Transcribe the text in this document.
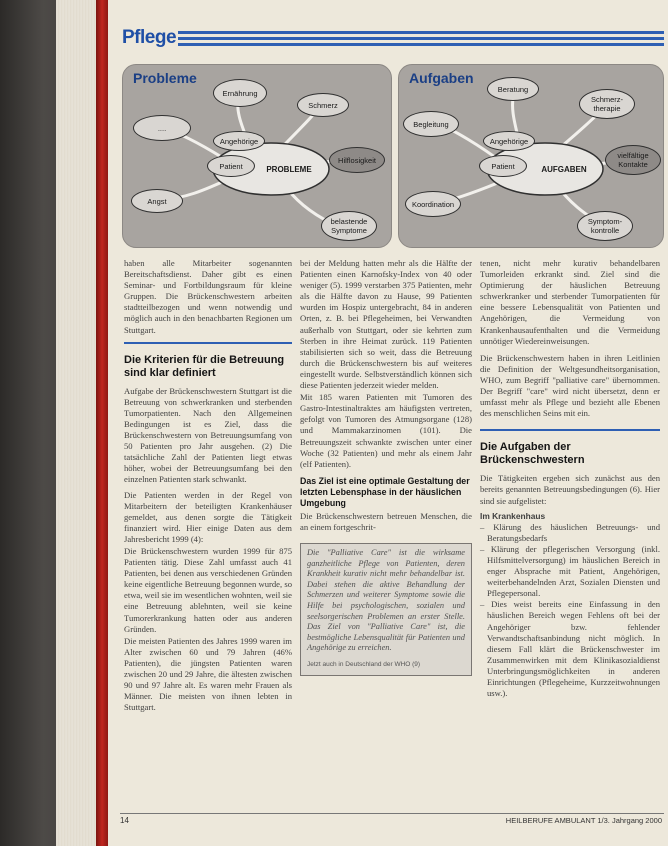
Pflege
Probleme
Ernährung
Schmerz
....
Angehörige
Patient	PROBLEME
Hilflosigkeit
Angst
belastende Symptome
Aufgaben
Beratung
Schmerz-therapie
Begleitung
Angehörige
Patient	AUFGABEN
vielfältige Kontakte
Koordination
Symptom-kontrolle

haben alle Mitarbeiter sogenannten Bereitschaftsdienst. Daher gibt es einen Seminar- und Fortbildungsraum für kleine Gruppen. Die Brückenschwestern arbeiten stadtteilbezogen und wenn notwendig und möglich auch in den benachbarten Regionen um Stuttgart.

Die Kriterien für die Betreuung sind klar definiert

Aufgabe der Brückenschwestern Stuttgart ist die Betreuung von schwerkranken und sterbenden Tumorpatienten. Nach den Allgemeinen Bedingungen ist es Ziel, dass die Brückenschwestern von Betreuungsumfang von 50 Patienten pro Jahr ausgehen. (2) Die tatsächliche Zahl der Patienten liegt etwas höher, wobei der Betreuungsumfang bei den einzelnen Patienten stark schwankt.

Die Patienten werden in der Regel von Mitarbeitern der beteiligten Krankenhäuser gemeldet, aus denen sorgte die Tätigkeit finanziert wird. Hier einige Daten aus dem Jahresbericht 1999 (4):

Die Brückenschwestern wurden 1999 für 875 Patienten tätig. Diese Zahl umfasst auch 41 Patienten, bei denen aus verschiedenen Gründen keine eigentliche Betreuung begonnen wurde, so etwa, weil sie im wesentlichen wohnten, weil sie eine Betreuung ablehnten, weil sie keine Tumorerkrankung hatten oder aus anderen Gründen.

Die meisten Patienten des Jahres 1999 waren im Alter zwischen 60 und 79 Jahren (46% Patienten), die jüngsten Patienten waren zwischen 20 und 29 Jahre, die ältesten zwischen 90 und 97 Jahre alt. Es waren mehr Frauen als Männer. Die meisten von ihnen lebten in Stuttgart.

bei der Meldung hatten mehr als die Hälfte der Patienten einen Karnofsky-Index von 40 oder weniger (5). 1999 verstarben 375 Patienten, mehr als die Hälfte davon zu Hause, 99 Patienten wurden im Hospiz untergebracht, 84 in anderen Orten, z. B. bei Pflegeheimen, bei Verwandten außerhalb von Stuttgart, oder sie kehrten zum Sterben in ihre Heimat zurück. 119 Patienten stabilisierten sich so weit, dass die Betreuung durch die Brückenschwestern bis auf weiteres eingestellt wurde. Selbstverständlich können sich diese Patienten jederzeit wieder melden.

Mit 185 waren Patienten mit Tumoren des Gastro-Intestinaltraktes am häufigsten vertreten, gefolgt von Tumoren des Atmungsorgane (128) und Mammakarzinomen (101). Die Betreuungszeit schwankte zwischen unter einer Woche (32 Patienten) und mehr als einem Jahr (elf Patienten).

Das Ziel ist eine optimale Gestaltung der letzten Lebensphase in der häuslichen Umgebung

Die Brückenschwestern betreuen Menschen, die an einem fortgeschrit-

Die "Palliative Care" ist die wirksame ganzheitliche Pflege von Patienten, deren Krankheit kurativ nicht mehr behandelbar ist. Dabei stehen die aktive Behandlung der Schmerzen und weiterer Symptome sowie die Hilfe bei psychologischen, sozialen und seelsorgerischen Problemen an erster Stelle. Das Ziel von "Palliative Care" ist, die bestmögliche Lebensqualität für Patienten und Angehörige zu erreichen.
Jetzt auch in Deutschland der WHO (9)

tenen, nicht mehr kurativ behandelbaren Tumorleiden erkrankt sind. Ziel sind die Optimierung der häuslichen Betreuung schwerkranker und sterbender Tumorpatienten für eine bessere Lebensqualität von Patienten und Angehörigen, die Vermeidung von Krankenhausaufenthalten und die Vermeidung unnötiger Wiedereinweisungen.

Die Brückenschwestern haben in ihren Leitlinien die Definition der Weltgesundheitsorganisation, WHO, zum Begriff "palliative care" übernommen. Der Begriff "care" wird nicht übersetzt, denn er umfasst mehr als Pflege und bezieht alle Ebenen des menschlichen Seins mit ein.

Die Aufgaben der Brückenschwestern

Die Tätigkeiten ergeben sich zunächst aus den bereits genannten Betreuungsbedingungen (6). Hier sind sie aufgelistet:

Im Krankenhaus
– Klärung des häuslichen Betreuungs- und Beratungsbedarfs
– Klärung der pflegerischen Versorgung (inkl. Hilfsmittelversorgung) im häuslichen Bereich in enger Absprache mit Patient, Angehörigen, weiterbehandelnden Arzt, Sozialen Diensten und Pflegepersonal.
– Dies weist bereits eine Einfassung in den häuslichen Bereich wegen Fehlens oft bei der Angehöriger bzw. fehlender Verwandtschaftsanbindung nicht möglich. In diesem Fall klärt die Brückenschwester im Zusammenwirken mit dem Klinikasozialdienst Unterbringungsmöglichkeiten in anderen Einrichtungen (Pflegeheime, Kurzzeitwohnungen usw.).
14	HEILBERUFE AMBULANT 1/3. Jahrgang 2000
